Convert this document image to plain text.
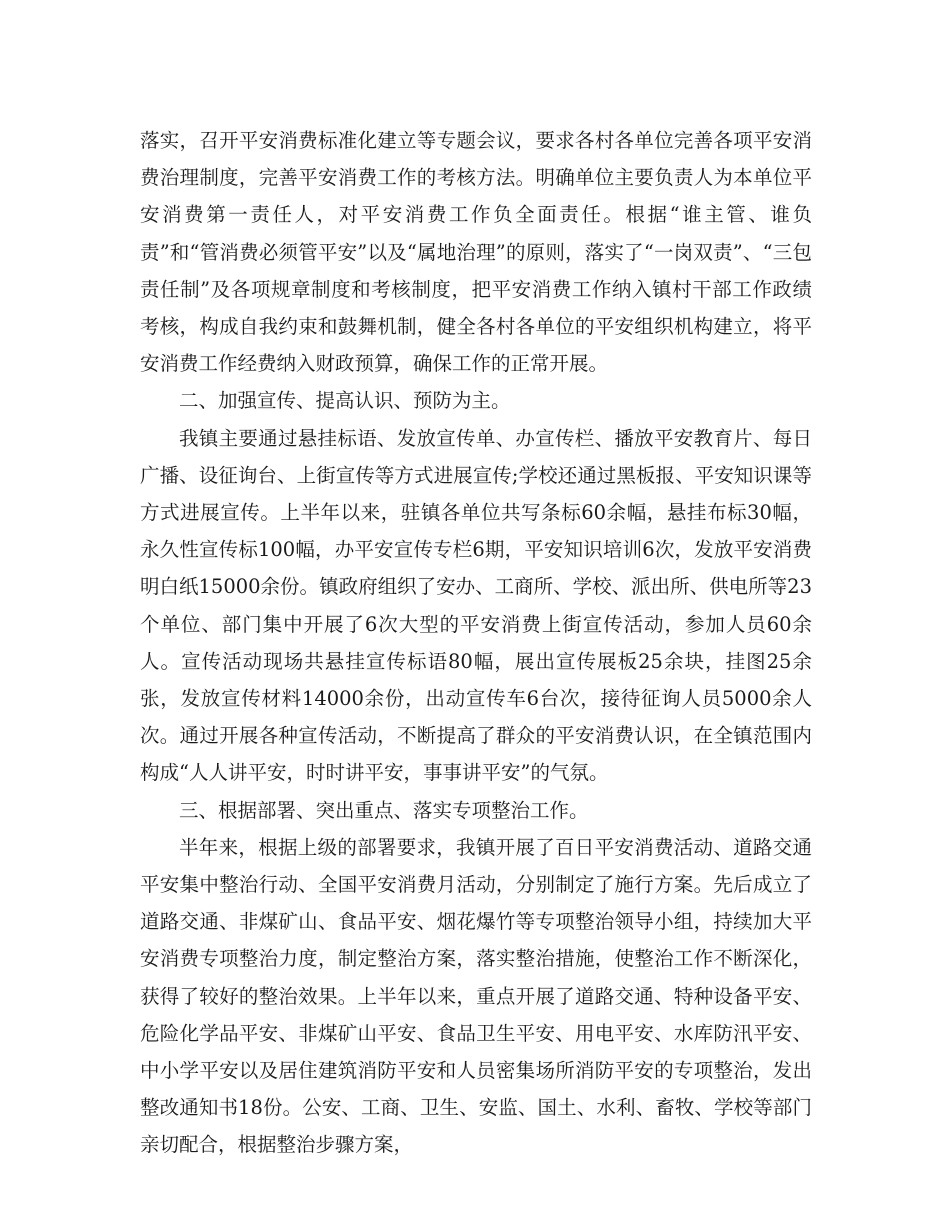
落实，召开平安消费标准化建立等专题会议，要求各村各单位完善各项平安消费治理制度，完善平安消费工作的考核方法。明确单位主要负责人为本单位平安消费第一责任人，对平安消费工作负全面责任。根据“谁主管、谁负责”和“管消费必须管平安”以及“属地治理”的原则，落实了“一岗双责”、“三包责任制”及各项规章制度和考核制度，把平安消费工作纳入镇村干部工作政绩考核，构成自我约束和鼓舞机制，健全各村各单位的平安组织机构建立，将平安消费工作经费纳入财政预算，确保工作的正常开展。

二、加强宣传、提高认识、预防为主。

我镇主要通过悬挂标语、发放宣传单、办宣传栏、播放平安教育片、每日广播、设征询台、上街宣传等方式进展宣传;学校还通过黑板报、平安知识课等方式进展宣传。上半年以来，驻镇各单位共写条标60余幅，悬挂布标30幅，永久性宣传标100幅，办平安宣传专栏6期，平安知识培训6次，发放平安消费明白纸15000余份。镇政府组织了安办、工商所、学校、派出所、供电所等23个单位、部门集中开展了6次大型的平安消费上街宣传活动，参加人员60余人。宣传活动现场共悬挂宣传标语80幅，展出宣传展板25余块，挂图25余张，发放宣传材料14000余份，出动宣传车6台次，接待征询人员5000余人次。通过开展各种宣传活动，不断提高了群众的平安消费认识，在全镇范围内构成“人人讲平安，时时讲平安，事事讲平安”的气氛。

三、根据部署、突出重点、落实专项整治工作。

半年来，根据上级的部署要求，我镇开展了百日平安消费活动、道路交通平安集中整治行动、全国平安消费月活动，分别制定了施行方案。先后成立了道路交通、非煤矿山、食品平安、烟花爆竹等专项整治领导小组，持续加大平安消费专项整治力度，制定整治方案，落实整治措施，使整治工作不断深化，获得了较好的整治效果。上半年以来，重点开展了道路交通、特种设备平安、危险化学品平安、非煤矿山平安、食品卫生平安、用电平安、水库防汛平安、中小学平安以及居住建筑消防平安和人员密集场所消防平安的专项整治，发出整改通知书18份。公安、工商、卫生、安监、国土、水利、畜牧、学校等部门亲切配合，根据整治步骤方案，
